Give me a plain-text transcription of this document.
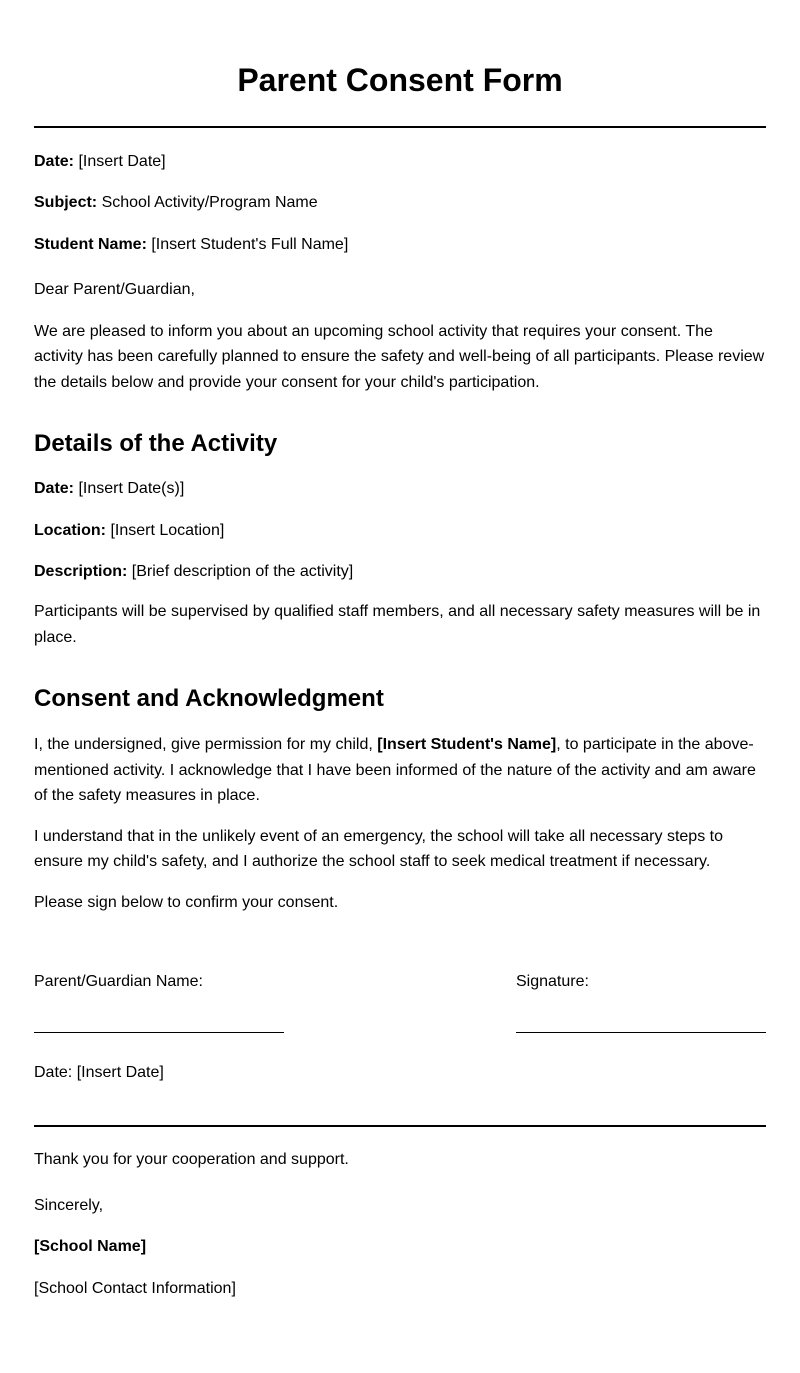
Parent Consent Form

Date: [Insert Date]

Subject: School Activity/Program Name

Student Name: [Insert Student's Full Name]

Dear Parent/Guardian,

We are pleased to inform you about an upcoming school activity that requires your consent. The activity has been carefully planned to ensure the safety and well-being of all participants. Please review the details below and provide your consent for your child's participation.

Details of the Activity

Date: [Insert Date(s)]

Location: [Insert Location]

Description: [Brief description of the activity]

Participants will be supervised by qualified staff members, and all necessary safety measures will be in place.

Consent and Acknowledgment

I, the undersigned, give permission for my child, [Insert Student's Name], to participate in the above-mentioned activity. I acknowledge that I have been informed of the nature of the activity and am aware of the safety measures in place.

I understand that in the unlikely event of an emergency, the school will take all necessary steps to ensure my child's safety, and I authorize the school staff to seek medical treatment if necessary.

Please sign below to confirm your consent.

Parent/Guardian Name:	Signature:

Date: [Insert Date]

Thank you for your cooperation and support.

Sincerely,

[School Name]

[School Contact Information]
